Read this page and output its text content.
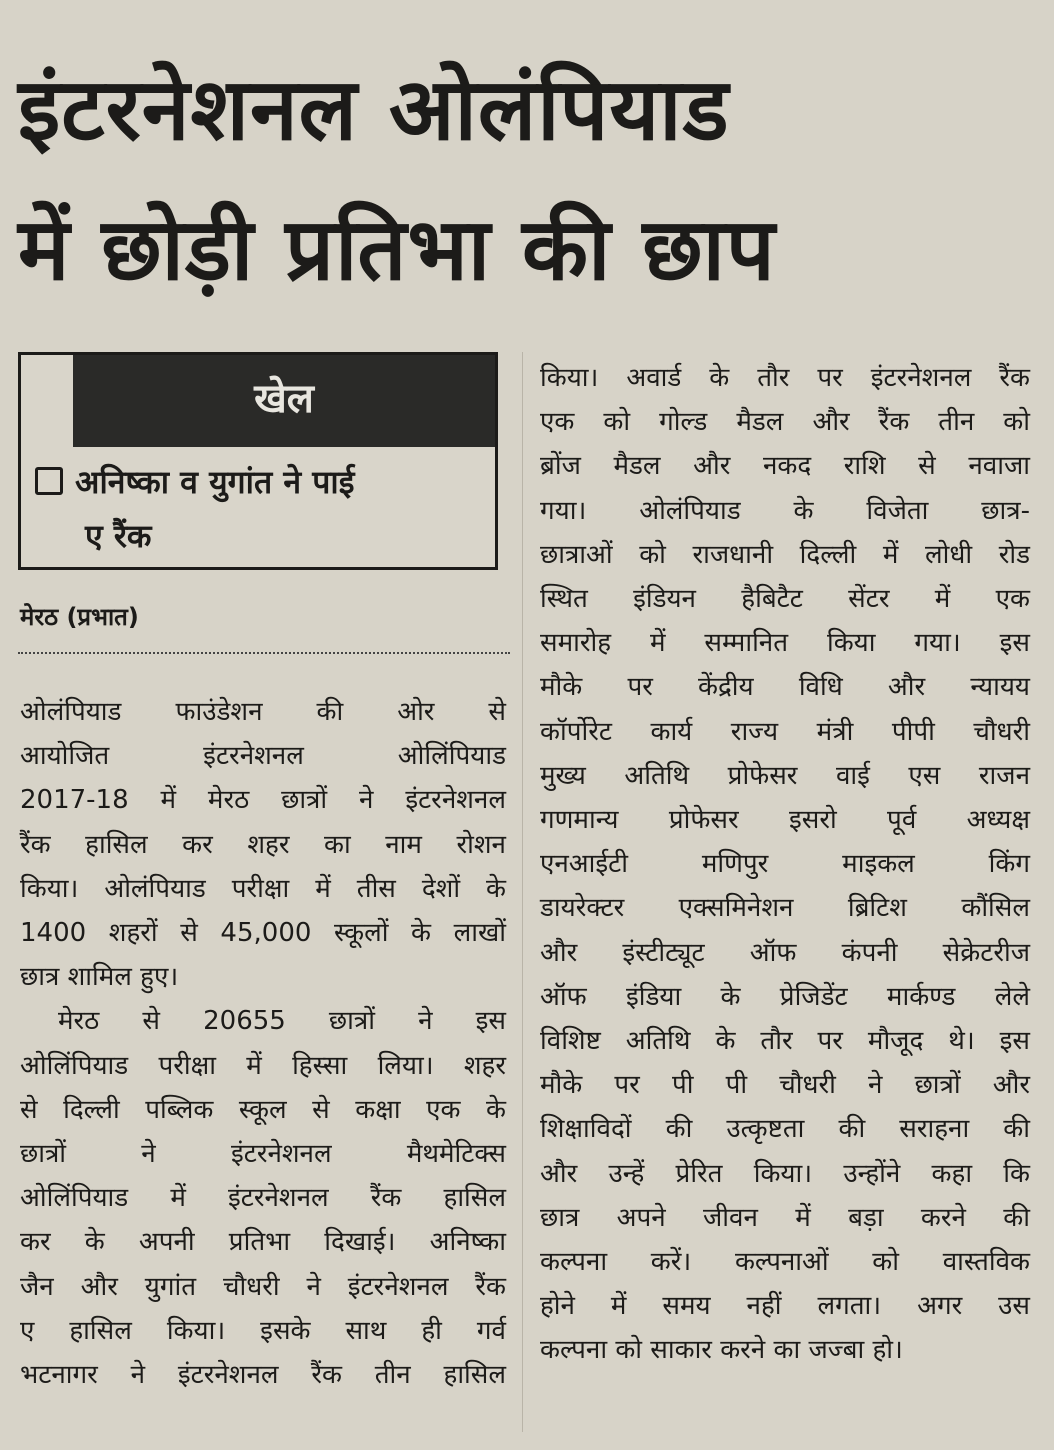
इंटरनेशनल ओलंपियाड
में छोड़ी प्रतिभा की छाप
खेल
अनिष्का व युगांत ने पाई
ए रैंक
मेरठ (प्रभात)
ओलंपियाड फाउंडेशन की ओर से
आयोजित इंटरनेशनल ओलिंपियाड
2017-18 में मेरठ छात्रों ने इंटरनेशनल
रैंक हासिल कर शहर का नाम रोशन
किया। ओलंपियाड परीक्षा में तीस देशों के
1400 शहरों से 45,000 स्कूलों के लाखों
छात्र शामिल हुए।
मेरठ से 20655 छात्रों ने इस
ओलिंपियाड परीक्षा में हिस्सा लिया। शहर
से दिल्ली पब्लिक स्कूल से कक्षा एक के
छात्रों ने इंटरनेशनल मैथमेटिक्स
ओलिंपियाड में इंटरनेशनल रैंक हासिल
कर के अपनी प्रतिभा दिखाई। अनिष्का
जैन और युगांत चौधरी ने इंटरनेशनल रैंक
ए हासिल किया। इसके साथ ही गर्व
भटनागर ने इंटरनेशनल रैंक तीन हासिल
किया। अवार्ड के तौर पर इंटरनेशनल रैंक
एक को गोल्ड मैडल और रैंक तीन को
ब्रोंज मैडल और नकद राशि से नवाजा
गया। ओलंपियाड के विजेता छात्र-
छात्राओं को राजधानी दिल्ली में लोधी रोड
स्थित इंडियन हैबिटैट सेंटर में एक
समारोह में सम्मानित किया गया। इस
मौके पर केंद्रीय विधि और न्यायय
कॉर्पोरेट कार्य राज्य मंत्री पीपी चौधरी
मुख्य अतिथि प्रोफेसर वाई एस राजन
गणमान्य प्रोफेसर इसरो पूर्व अध्यक्ष
एनआईटी मणिपुर माइकल किंग
डायरेक्टर एक्समिनेशन ब्रिटिश कौंसिल
और इंस्टीट्यूट ऑफ कंपनी सेक्रेटरीज
ऑफ इंडिया के प्रेजिडेंट मार्कण्ड लेले
विशिष्ट अतिथि के तौर पर मौजूद थे। इस
मौके पर पी पी चौधरी ने छात्रों और
शिक्षाविदों की उत्कृष्टता की सराहना की
और उन्हें प्रेरित किया। उन्होंने कहा कि
छात्र अपने जीवन में बड़ा करने की
कल्पना करें। कल्पनाओं को वास्तविक
होने में समय नहीं लगता। अगर उस
कल्पना को साकार करने का जज्बा हो।
